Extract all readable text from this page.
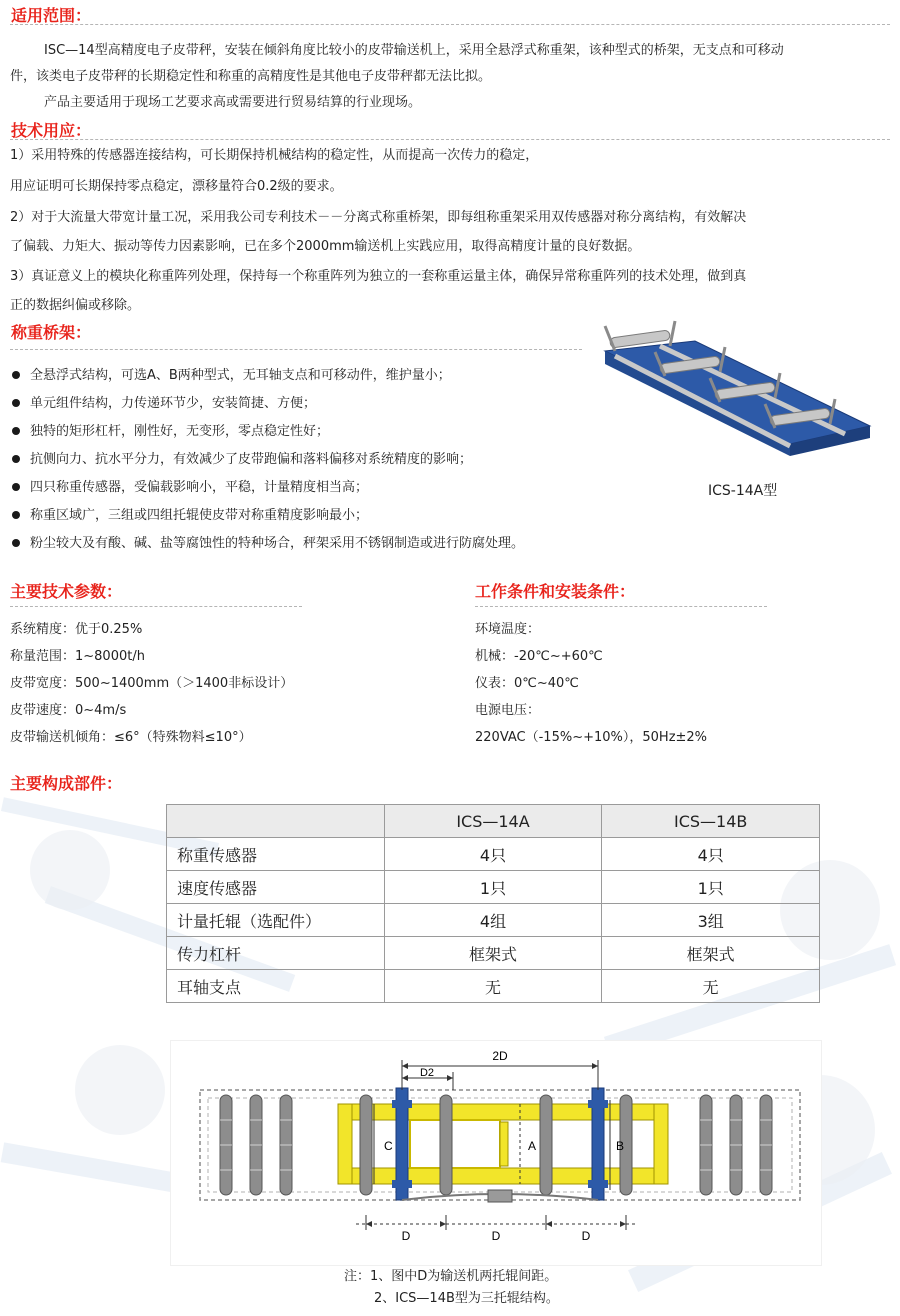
适用范围：
ISC—14型高精度电子皮带秤，安装在倾斜角度比较小的皮带输送机上，采用全悬浮式称重架，该种型式的桥架，无支点和可移动
件，该类电子皮带秤的长期稳定性和称重的高精度性是其他电子皮带秤都无法比拟。
产品主要适用于现场工艺要求高或需要进行贸易结算的行业现场。
技术用应：
1）采用特殊的传感器连接结构，可长期保持机械结构的稳定性，从而提高一次传力的稳定，
用应证明可长期保持零点稳定，漂移量符合0.2级的要求。
2）对于大流量大带宽计量工况，采用我公司专利技术－－分离式称重桥架，即每组称重架采用双传感器对称分离结构，有效解决
了偏载、力矩大、振动等传力因素影响，已在多个2000mm输送机上实践应用，取得高精度计量的良好数据。
3）真证意义上的模块化称重阵列处理，保持每一个称重阵列为独立的一套称重运量主体，确保异常称重阵列的技术处理，做到真
正的数据纠偏或移除。
称重桥架：
全悬浮式结构，可选A、B两种型式，无耳轴支点和可移动件，维护量小；
单元组件结构，力传递环节少，安装简捷、方便；
独特的矩形杠杆，刚性好，无变形，零点稳定性好；
抗侧向力、抗水平分力，有效减少了皮带跑偏和落料偏移对系统精度的影响；
四只称重传感器，受偏载影响小，平稳，计量精度相当高；
称重区域广，三组或四组托辊使皮带对称重精度影响最小；
粉尘较大及有酸、碱、盐等腐蚀性的特种场合，秤架采用不锈钢制造或进行防腐处理。
ICS-14A型
主要技术参数：
系统精度：优于0.25%
称量范围：1~8000t/h
皮带宽度：500~1400mm（＞1400非标设计）
皮带速度：0~4m/s
皮带输送机倾角：≤6°（特殊物料≤10°）
工作条件和安装条件：
环境温度：
机械：-20℃~+60℃
仪表：0℃~40℃
电源电压：
220VAC（-15%~+10%），50Hz±2%
主要构成部件：
	ICS—14A	ICS—14B
称重传感器	4只	4只
速度传感器	1只	1只
计量托辊（选配件）	4组	3组
传力杠杆	框架式	框架式
耳轴支点	无	无
2D
D2
C	A	B
D	D	D
注：1、图中D为输送机两托辊间距。
2、ICS—14B型为三托辊结构。
